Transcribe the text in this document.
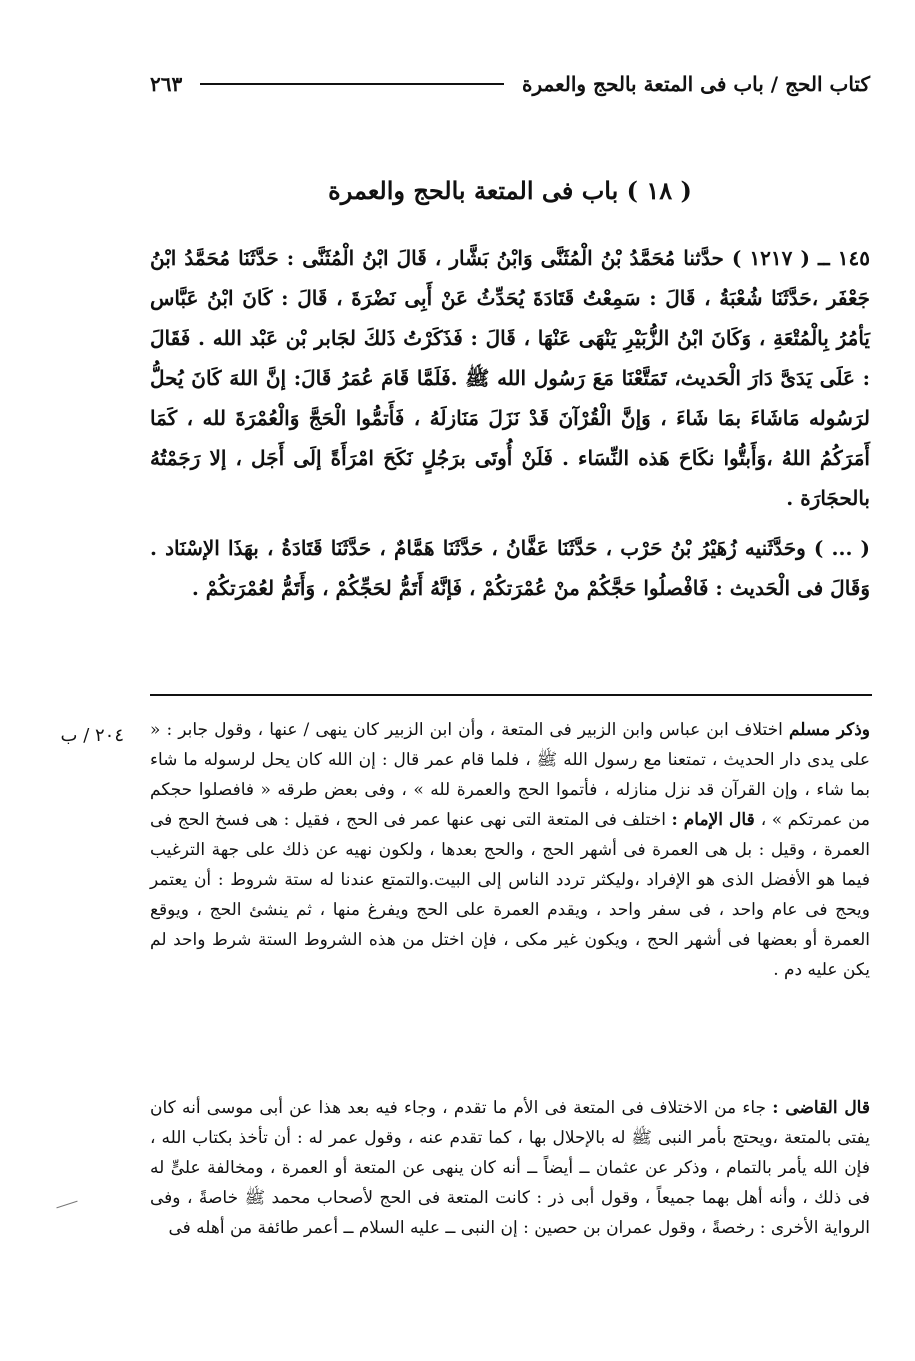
كتاب الحج / باب فى المتعة بالحج والعمرة
٢٦٣
( ١٨ ) باب فى المتعة بالحج والعمرة
١٤٥ ــ ( ١٢١٧ ) حدَّثنا مُحَمَّدُ بْنُ الْمُثَنَّى وَابْنُ بَشَّار ، قَالَ ابْنُ الْمُثَنَّى : حَدَّثَنَا مُحَمَّدُ ابْنُ جَعْفَر ،حَدَّثَنَا شُعْبَةُ ، قَالَ : سَمِعْتُ قَتَادَةَ يُحَدِّثُ عَنْ أَبِى نَضْرَةَ ، قَالَ : كَانَ ابْنُ عَبَّاس يَأمُرُ بِالْمُتْعَةِ ، وَكَانَ ابْنُ الزُّبَيْرِ يَنْهَى عَنْهَا ، قَالَ : فَذَكَرْتُ ذَلكَ لجَابر بْن عَبْد الله . فَقَالَ : عَلَى يَدَىَّ دَارَ الْحَديث، تَمَتَّعْنَا مَعَ رَسُول الله ﷺ .فَلَمَّا قَامَ عُمَرُ قَالَ: إنَّ اللهَ كَانَ يُحلُّ لرَسُوله مَاشَاءَ بمَا شَاءَ ، وَإنَّ الْقُرْآنَ قَدْ نَزَلَ مَنَازلَهُ ، فَأَتمُّوا الْحَجَّ وَالْعُمْرَةَ لله ، كَمَا أَمَرَكُمُ اللهُ ،وَأَبتُّوا نكَاحَ هَذه النِّسَاء . فَلَنْ أُوتَى برَجُلٍ نَكَحَ امْرَأَةً إلَى أَجَل ، إلا رَجَمْتُهُ بالحجَارَة .
( ... ) وحَدَّثَنيه زُهَيْرُ بْنُ حَرْب ، حَدَّثَنَا عَفَّانُ ، حَدَّثَنَا هَمَّامٌ ، حَدَّثَنَا قَتَادَةُ ، بهَذَا الإسْنَاد . وَقَالَ فى الْحَديث : فَافْصلُوا حَجَّكُمْ منْ عُمْرَتكُمْ ، فَإنَّهُ أَتَمُّ لحَجِّكُمْ ، وَأَتَمُّ لعُمْرَتكُمْ .
٢٠٤ / ب	وذكر مسلم اختلاف ابن عباس وابن الزبير فى المتعة ، وأن ابن الزبير كان ينهى / عنها ، وقول جابر : « على يدى دار الحديث ، تمتعنا مع رسول الله ﷺ ، فلما قام عمر قال : إن الله كان يحل لرسوله ما شاء بما شاء ، وإن القرآن قد نزل منازله ، فأتموا الحج والعمرة لله » ، وفى بعض طرقه « فافصلوا حجكم من عمرتكم » ، قال الإمام : اختلف فى المتعة التى نهى عنها عمر فى الحج ، فقيل : هى فسخ الحج فى العمرة ، وقيل : بل هى العمرة فى أشهر الحج ، والحج بعدها ، ولكون نهيه عن ذلك على جهة الترغيب فيما هو الأفضل الذى هو الإفراد ،وليكثر تردد الناس إلى البيت.والتمتع عندنا له ستة شروط : أن يعتمر ويحج فى عام واحد ، فى سفر واحد ، ويقدم العمرة على الحج ويفرغ منها ، ثم ينشئ الحج ، ويوقع العمرة أو بعضها فى أشهر الحج ، ويكون غير مكى ، فإن اختل من هذه الشروط الستة شرط واحد لم يكن عليه دم .
قال القاضى : جاء من الاختلاف فى المتعة فى الأم ما تقدم ، وجاء فيه بعد هذا عن أبى موسى أنه كان يفتى بالمتعة ،ويحتج بأمر النبى ﷺ له بالإحلال بها ، كما تقدم عنه ، وقول عمر له : أن تأخذ بكتاب الله ، فإن الله يأمر بالتمام ، وذكر عن عثمان ــ أيضاً ــ أنه كان ينهى عن المتعة أو العمرة ، ومخالفة علىٍّ له فى ذلك ، وأنه أهل بهما جميعاً ، وقول أبى ذر : كانت المتعة فى الحج لأصحاب محمد ﷺ خاصةً ، وفى الرواية الأخرى : رخصةً ، وقول عمران بن حصين : إن النبى ــ عليه السلام ــ أعمر طائفة من أهله فى
